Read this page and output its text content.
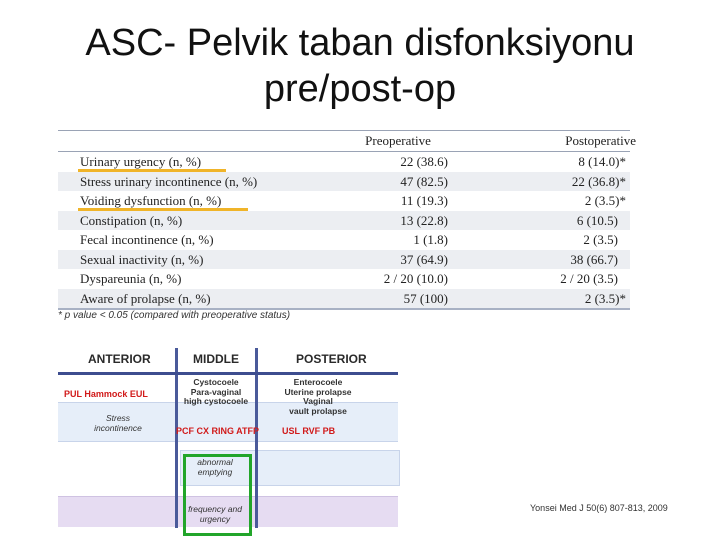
ASC- Pelvik taban disfonksiyonu
pre/post-op
Preoperative	Postoperative
Urinary urgency (n, %)	22 (38.6)	8 (14.0)*
Stress urinary incontinence (n, %)	47 (82.5)	22 (36.8)*
Voiding dysfunction (n, %)	11 (19.3)	2 (3.5)*
Constipation (n, %)	13 (22.8)	6 (10.5)
Fecal incontinence (n, %)	1 (1.8)	2 (3.5)
Sexual inactivity (n, %)	37 (64.9)	38 (66.7)
Dyspareunia (n, %)	2 / 20 (10.0)	2 / 20 (3.5)
Aware of prolapse (n, %)	57 (100)	2 (3.5)*
* p value < 0.05 (compared with preoperative status)
ANTERIOR	MIDDLE	POSTERIOR
PUL Hammock EUL
Stress
incontinence
Cystocoele
Para-vaginal
high cystocoele
PCF CX RING ATFP
Enterocoele
Uterine prolapse
Vaginal
vault prolapse
USL RVF PB
abnormal
emptying
frequency and
urgency
Yonsei Med J 50(6) 807-813, 2009
